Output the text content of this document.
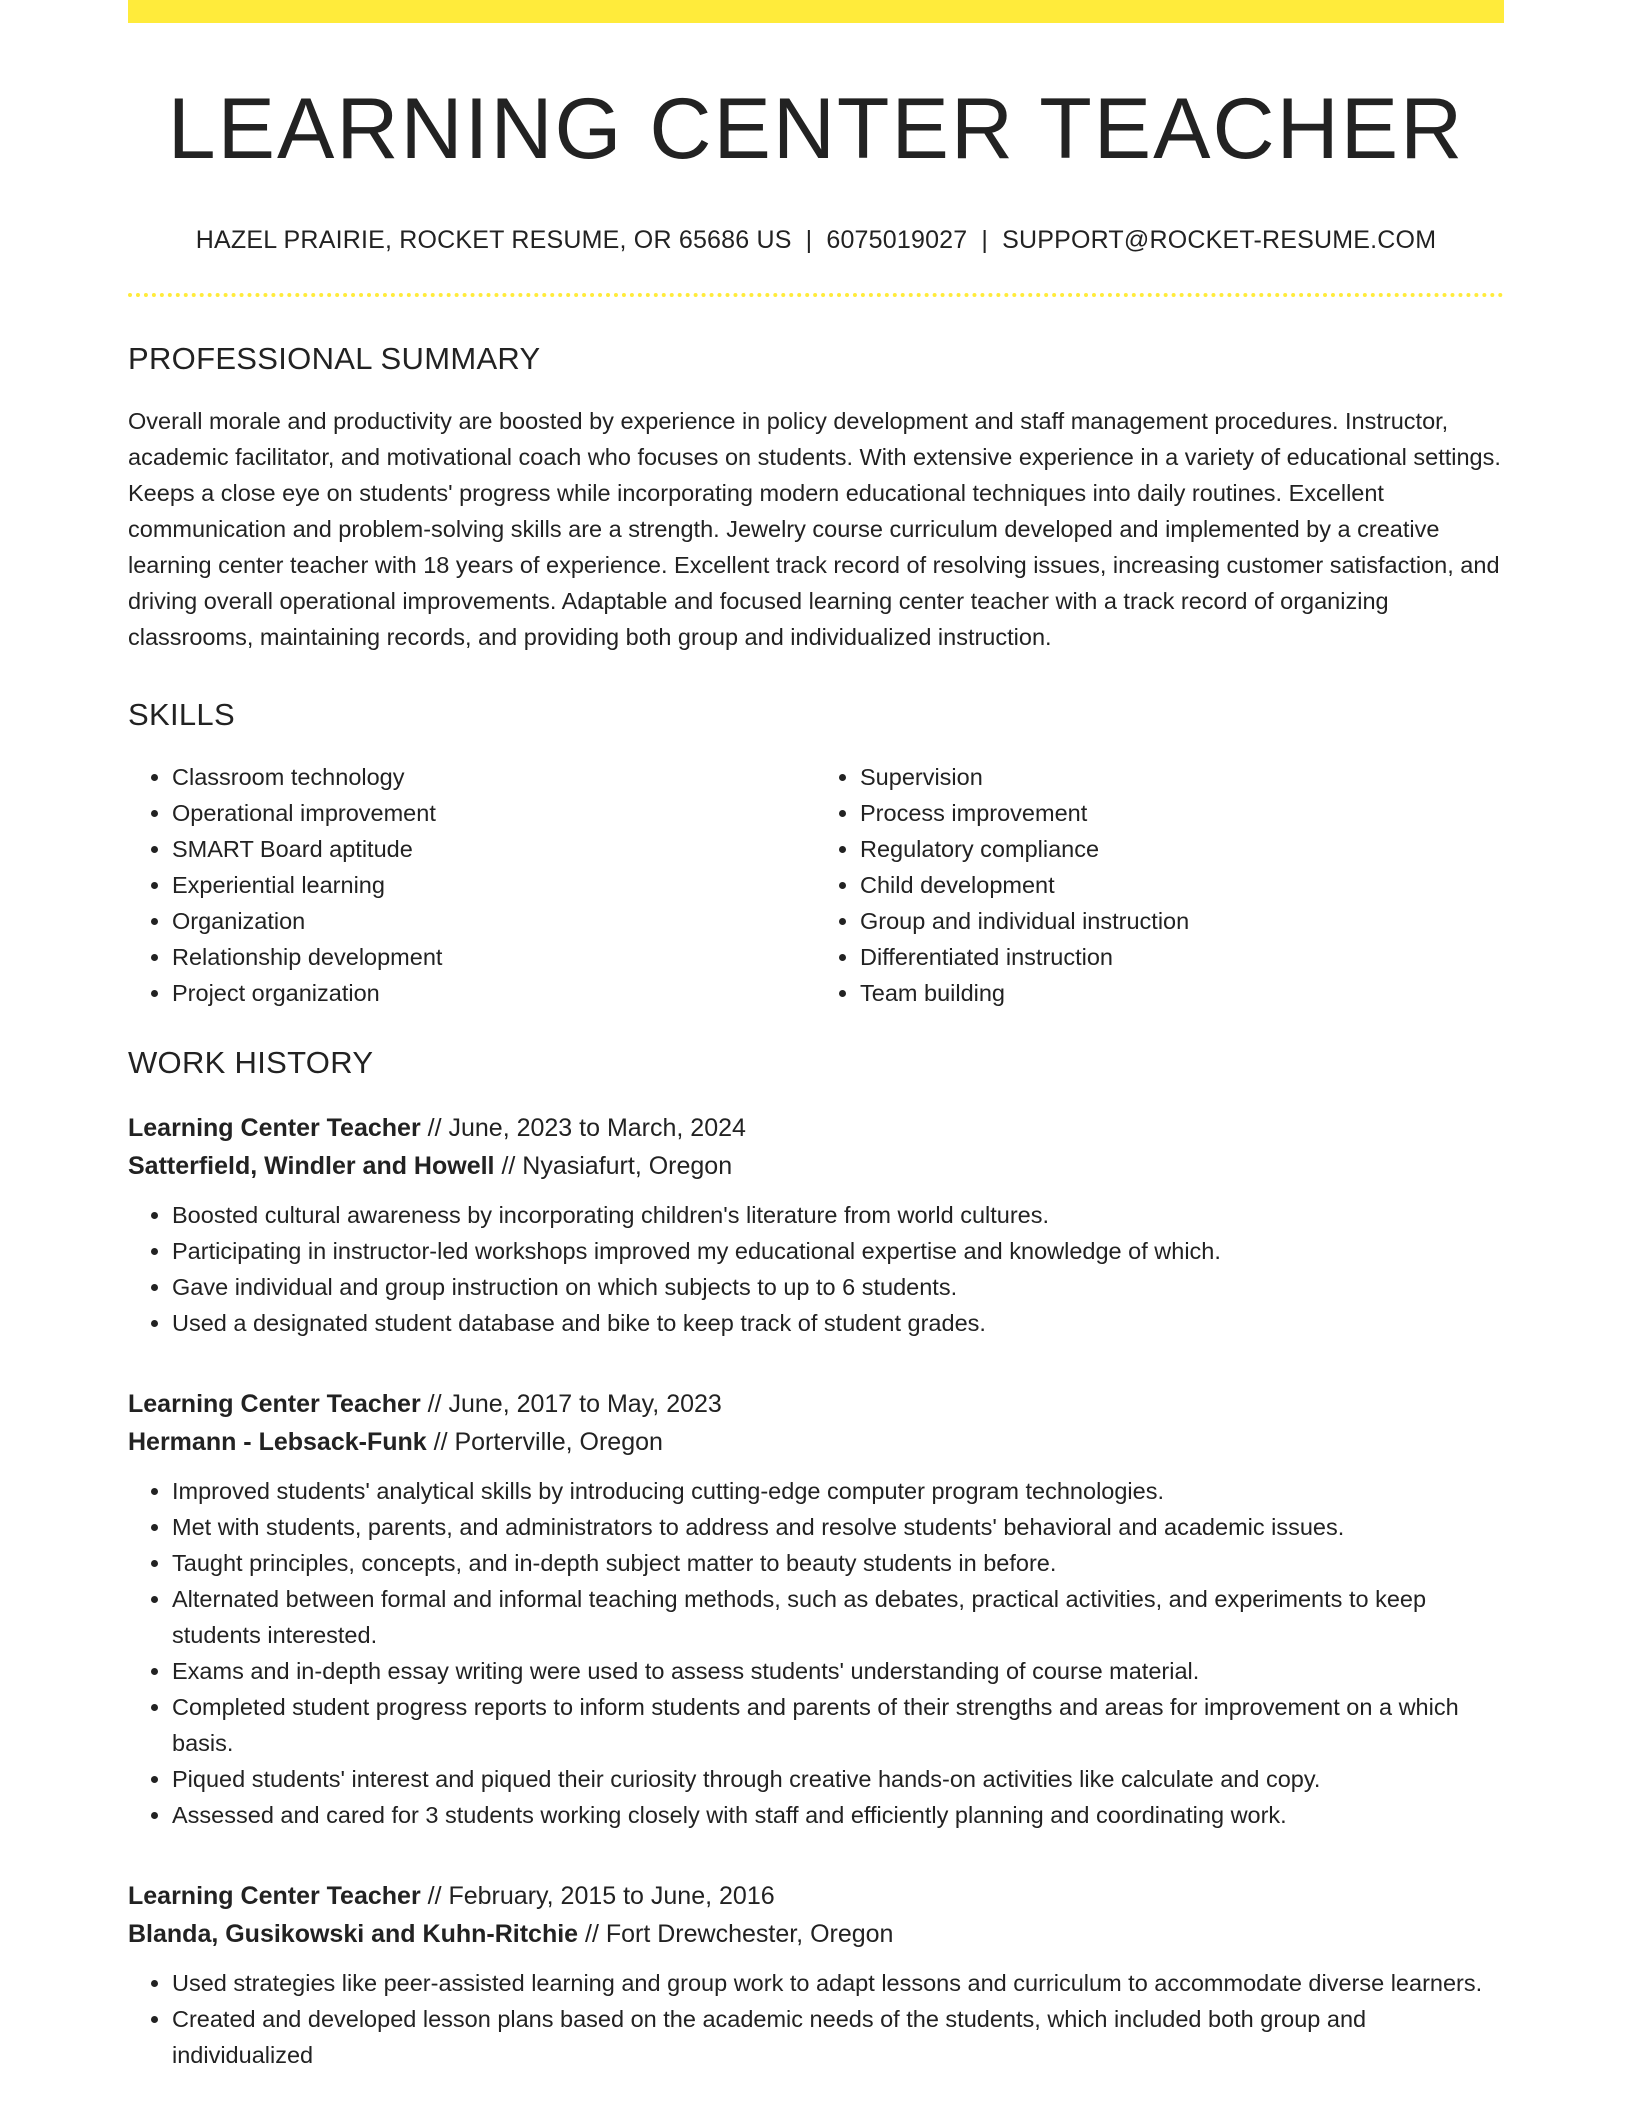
LEARNING CENTER TEACHER
HAZEL PRAIRIE, ROCKET RESUME, OR 65686 US | 6075019027 | SUPPORT@ROCKET-RESUME.COM
PROFESSIONAL SUMMARY

Overall morale and productivity are boosted by experience in policy development and staff management procedures. Instructor, academic facilitator, and motivational coach who focuses on students. With extensive experience in a variety of educational settings. Keeps a close eye on students' progress while incorporating modern educational techniques into daily routines. Excellent communication and problem-solving skills are a strength. Jewelry course curriculum developed and implemented by a creative learning center teacher with 18 years of experience. Excellent track record of resolving issues, increasing customer satisfaction, and driving overall operational improvements. Adaptable and focused learning center teacher with a track record of organizing classrooms, maintaining records, and providing both group and individualized instruction.

SKILLS
• Classroom technology
• Operational improvement
• SMART Board aptitude
• Experiential learning
• Organization
• Relationship development
• Project organization
• Supervision
• Process improvement
• Regulatory compliance
• Child development
• Group and individual instruction
• Differentiated instruction
• Team building
WORK HISTORY
Learning Center Teacher // June, 2023 to March, 2024
Satterfield, Windler and Howell // Nyasiafurt, Oregon
• Boosted cultural awareness by incorporating children's literature from world cultures.
• Participating in instructor-led workshops improved my educational expertise and knowledge of which.
• Gave individual and group instruction on which subjects to up to 6 students.
• Used a designated student database and bike to keep track of student grades.
Learning Center Teacher // June, 2017 to May, 2023
Hermann - Lebsack-Funk // Porterville, Oregon
• Improved students' analytical skills by introducing cutting-edge computer program technologies.
• Met with students, parents, and administrators to address and resolve students' behavioral and academic issues.
• Taught principles, concepts, and in-depth subject matter to beauty students in before.
• Alternated between formal and informal teaching methods, such as debates, practical activities, and experiments to keep students interested.
• Exams and in-depth essay writing were used to assess students' understanding of course material.
• Completed student progress reports to inform students and parents of their strengths and areas for improvement on a which basis.
• Piqued students' interest and piqued their curiosity through creative hands-on activities like calculate and copy.
• Assessed and cared for 3 students working closely with staff and efficiently planning and coordinating work.
Learning Center Teacher // February, 2015 to June, 2016
Blanda, Gusikowski and Kuhn-Ritchie // Fort Drewchester, Oregon
• Used strategies like peer-assisted learning and group work to adapt lessons and curriculum to accommodate diverse learners.
• Created and developed lesson plans based on the academic needs of the students, which included both group and individualized
